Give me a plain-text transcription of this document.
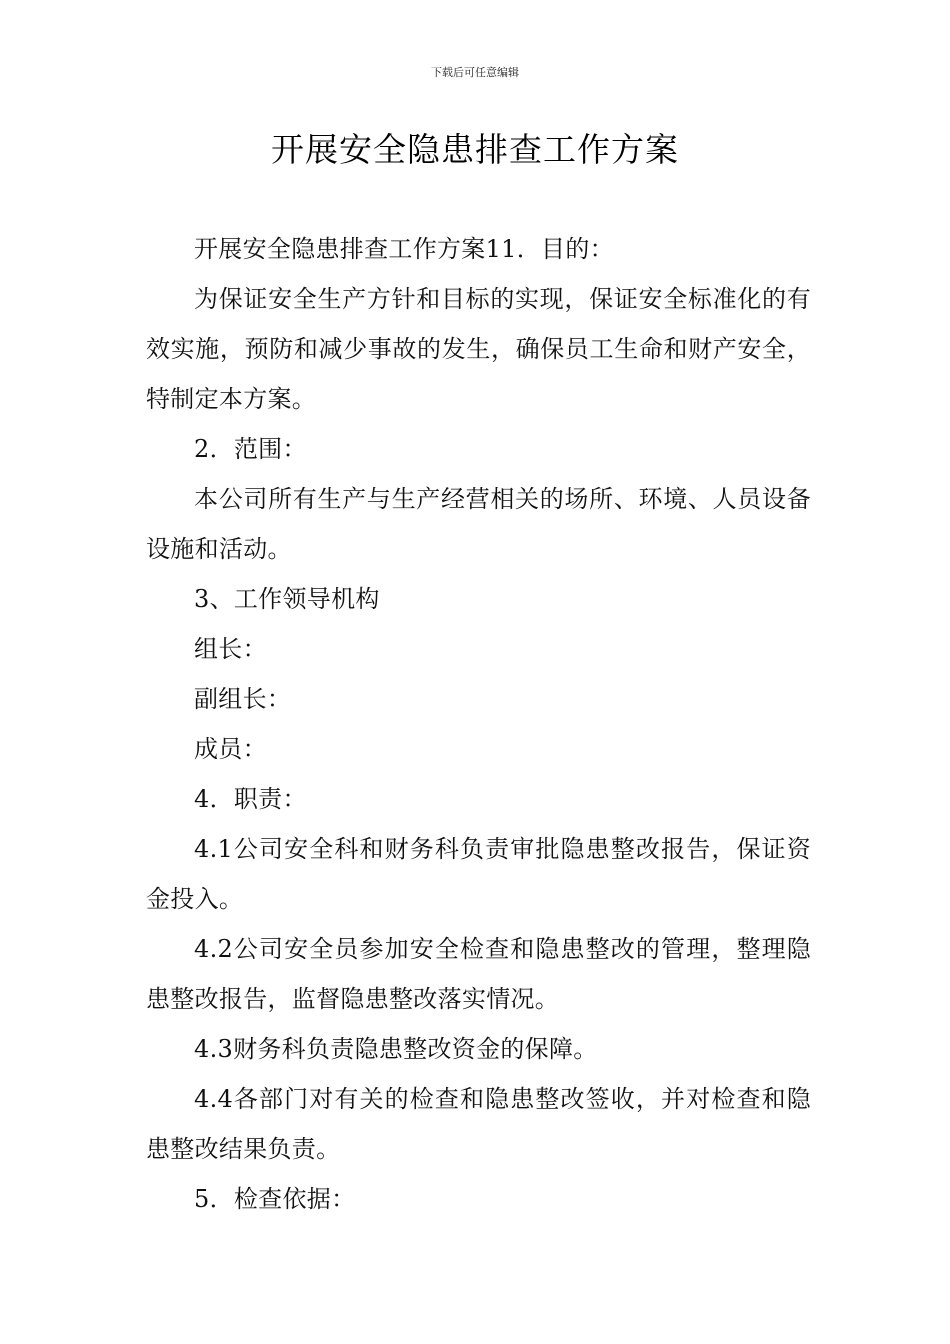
下载后可任意编辑
开展安全隐患排查工作方案

开展安全隐患排查工作方案11．目的：

为保证安全生产方针和目标的实现，保证安全标准化的有效实施，预防和减少事故的发生，确保员工生命和财产安全，特制定本方案。

2．范围：

本公司所有生产与生产经营相关的场所、环境、人员设备设施和活动。

3、工作领导机构

组长：

副组长：

成员：

4．职责：

4.1公司安全科和财务科负责审批隐患整改报告，保证资金投入。

4.2公司安全员参加安全检查和隐患整改的管理，整理隐患整改报告，监督隐患整改落实情况。

4.3财务科负责隐患整改资金的保障。

4.4各部门对有关的检查和隐患整改签收，并对检查和隐患整改结果负责。

5．检查依据：
